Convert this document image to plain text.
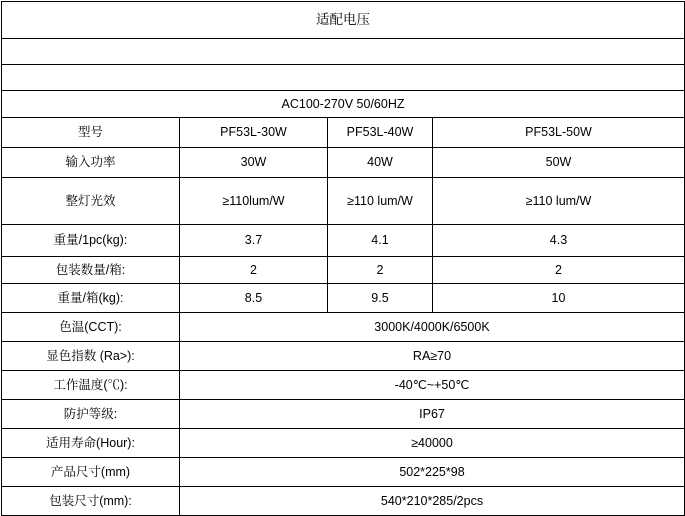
适配电压			

AC100-270V 50/60HZ			
型号	PF53L-30W	PF53L-40W	PF53L-50W
输入功率	30W	40W	50W
整灯光效	≥110lum/W	≥110 lum/W	≥110 lum/W
重量/1pc(kg):	3.7	4.1	4.3
包装数量/箱:	2	2	2
重量/箱(kg):	8.5	9.5	10
色温(CCT):	3000K/4000K/6500K		
显色指数 (Ra>):	RA≥70		
工作温度(℃):	-40℃~+50℃		
防护等级:	IP67		
适用寿命(Hour):	≥40000		
产品尺寸(mm)	502*225*98		
包装尺寸(mm):	540*210*285/2pcs		
